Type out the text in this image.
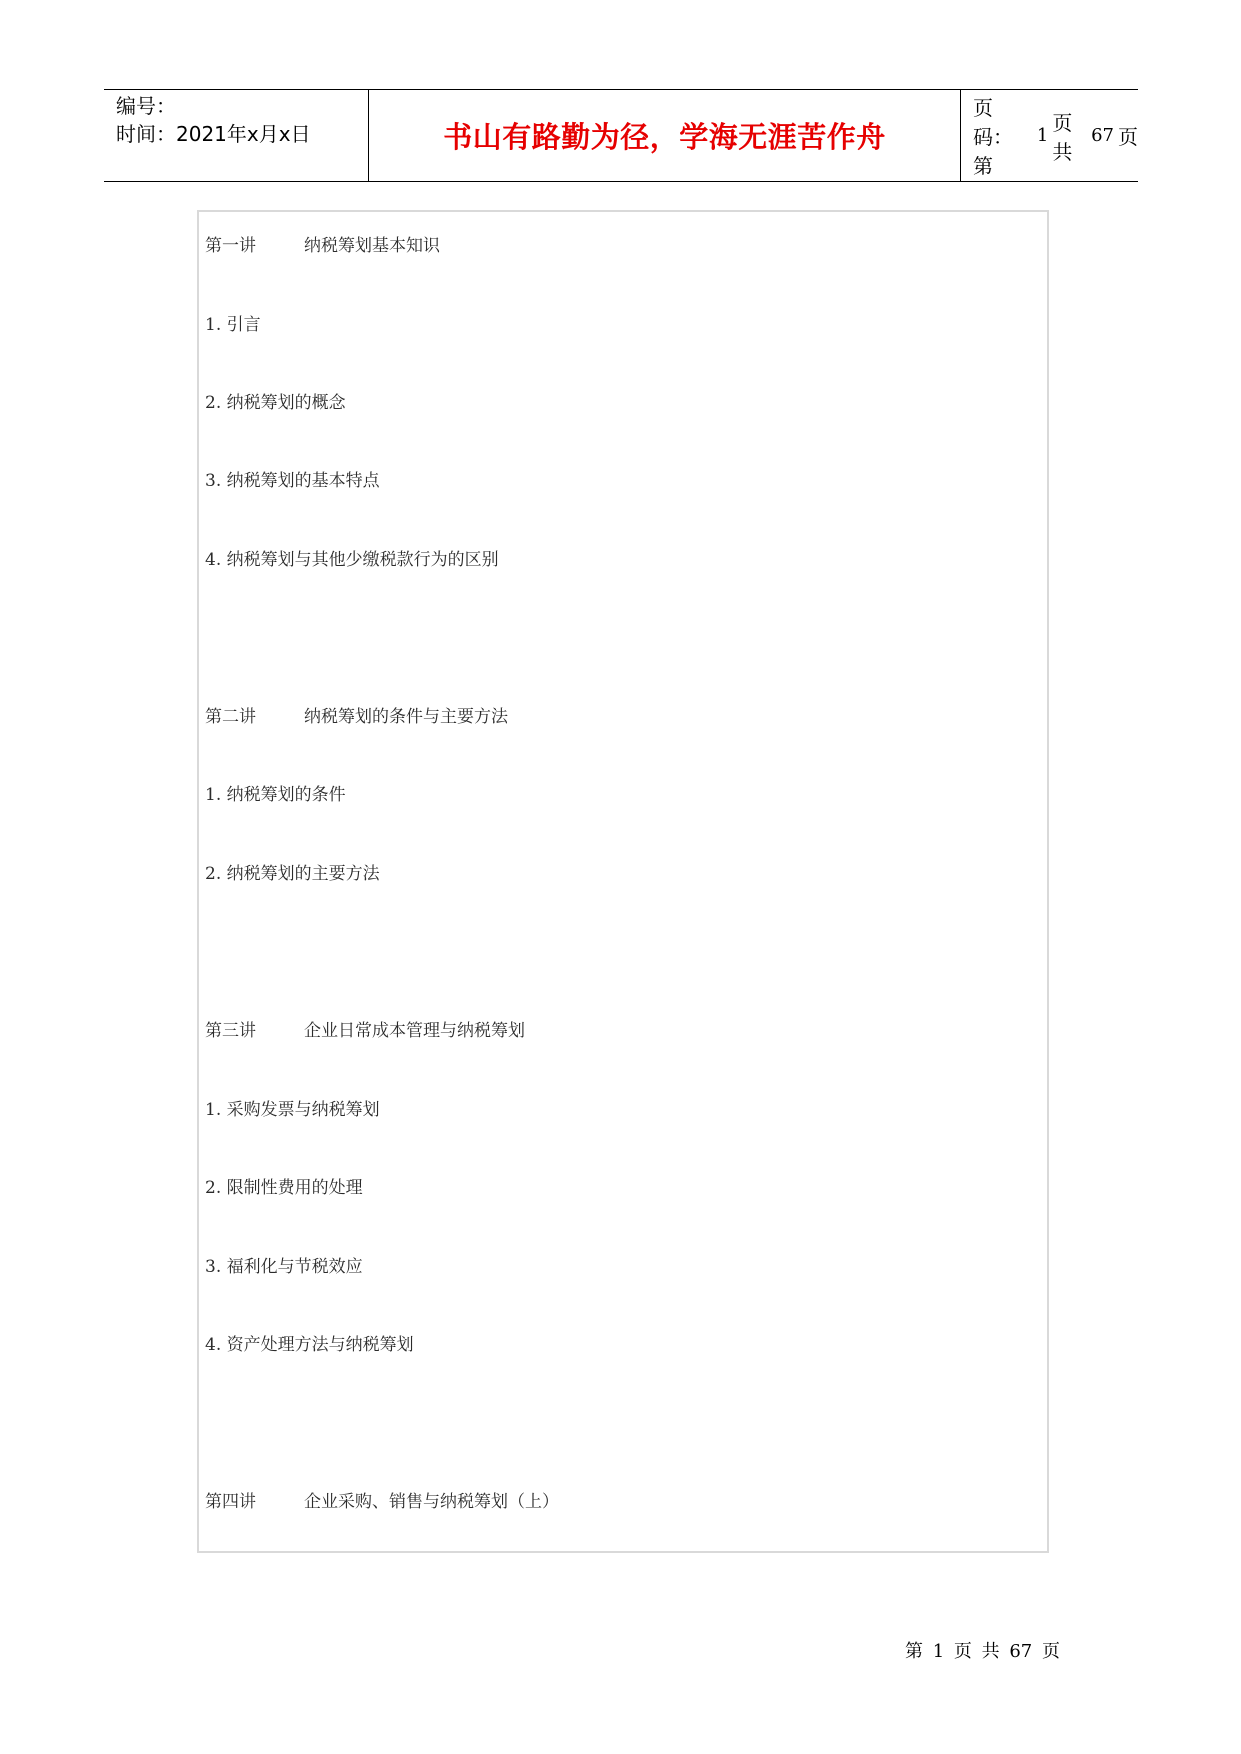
编号：
时间：2021年x月x日	书山有路勤为径，学海无涯苦作舟
页码：第
1
页 共
67 页
第一讲	纳税筹划基本知识
1. 引言
2. 纳税筹划的概念
3. 纳税筹划的基本特点
4. 纳税筹划与其他少缴税款行为的区别
第二讲	纳税筹划的条件与主要方法
1. 纳税筹划的条件
2. 纳税筹划的主要方法
第三讲	企业日常成本管理与纳税筹划
1. 采购发票与纳税筹划
2. 限制性费用的处理
3. 福利化与节税效应
4. 资产处理方法与纳税筹划
第四讲	企业采购、销售与纳税筹划（上）
第 1 页 共 67 页
